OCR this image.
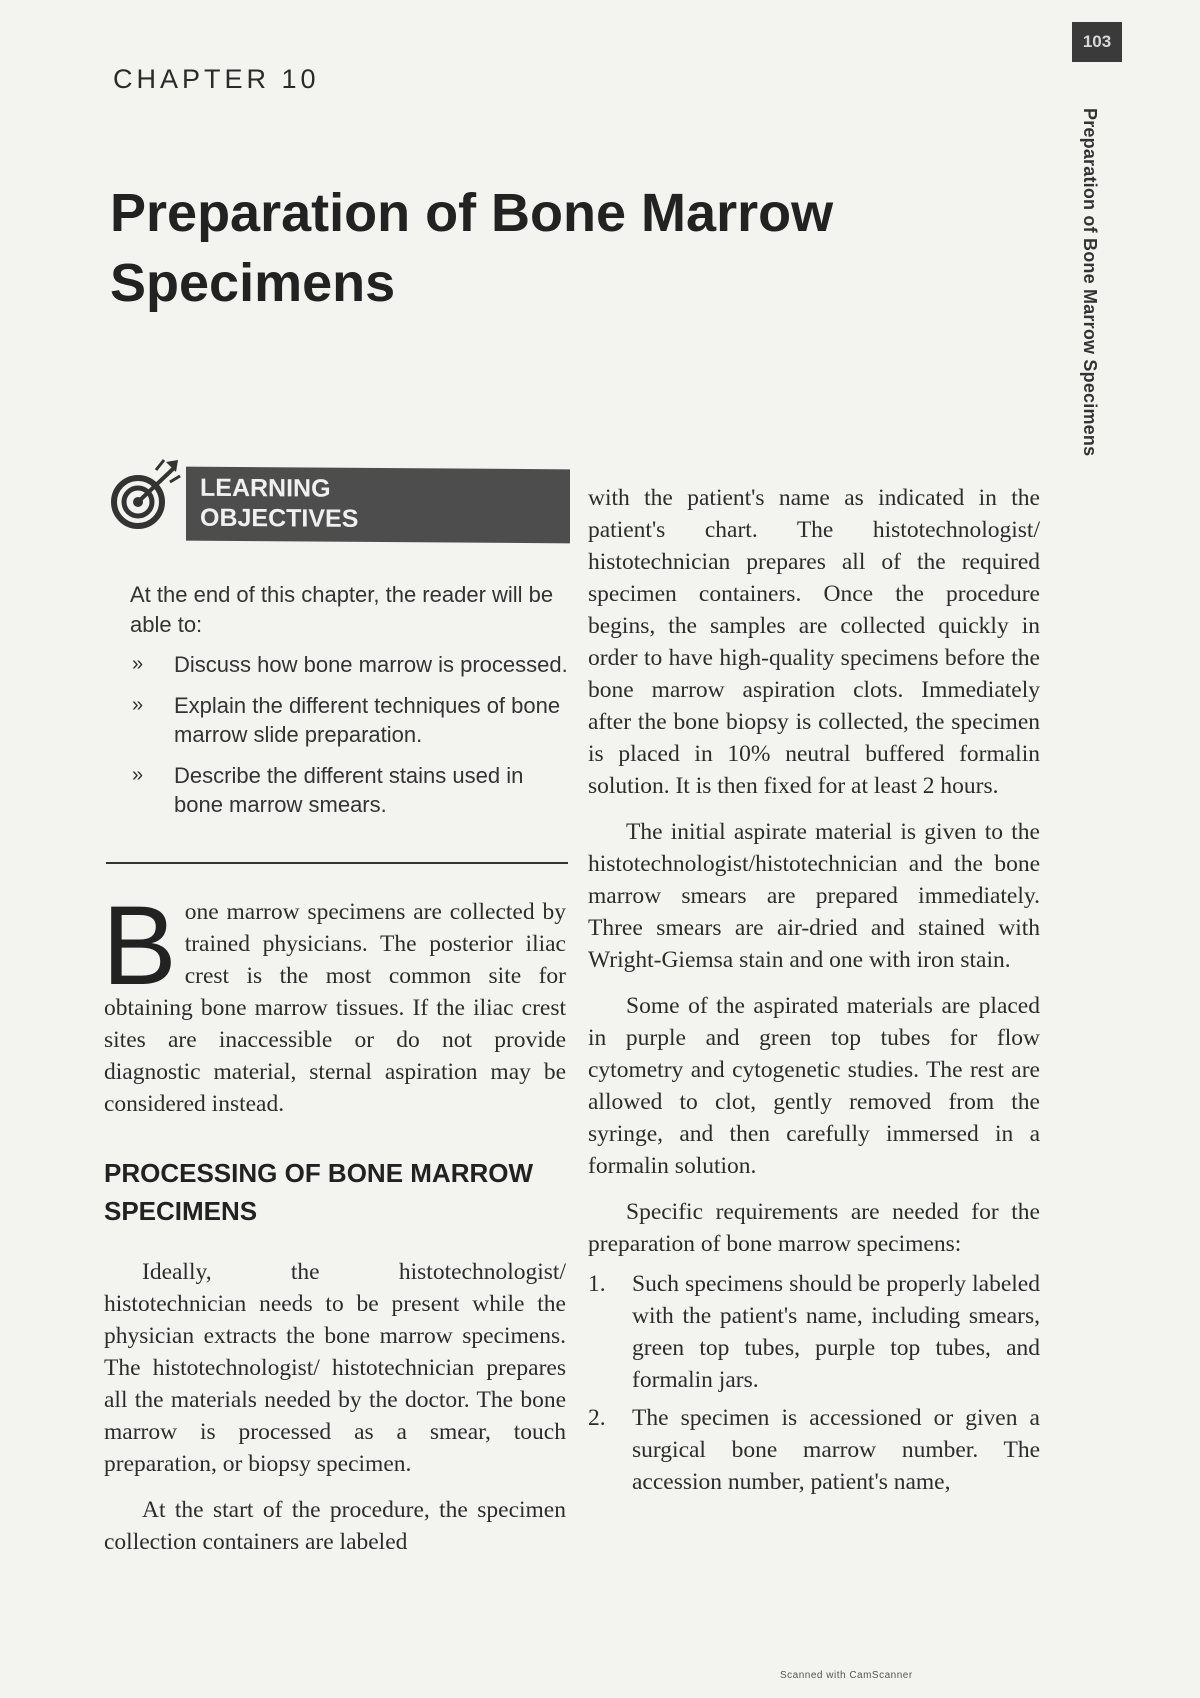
103
Preparation of Bone Marrow Specimens
CHAPTER 10
Preparation of Bone Marrow Specimens
LEARNING
OBJECTIVES
At the end of this chapter, the reader will be able to:
» Discuss how bone marrow is processed.
» Explain the different techniques of bone marrow slide preparation.
» Describe the different stains used in bone marrow smears.

Bone marrow specimens are collected by trained physicians. The posterior iliac crest is the most common site for obtaining bone marrow tissues. If the iliac crest sites are inaccessible or do not provide diagnostic material, sternal aspiration may be considered instead.

PROCESSING OF BONE MARROW SPECIMENS

Ideally, the histotechnologist/ histotechnician needs to be present while the physician extracts the bone marrow specimens. The histotechnologist/ histotechnician prepares all the materials needed by the doctor. The bone marrow is processed as a smear, touch preparation, or biopsy specimen.

At the start of the procedure, the specimen collection containers are labeled

with the patient's name as indicated in the patient's chart. The histotechnologist/ histotechnician prepares all of the required specimen containers. Once the procedure begins, the samples are collected quickly in order to have high-quality specimens before the bone marrow aspiration clots. Immediately after the bone biopsy is collected, the specimen is placed in 10% neutral buffered formalin solution. It is then fixed for at least 2 hours.

The initial aspirate material is given to the histotechnologist/histotechnician and the bone marrow smears are prepared immediately. Three smears are air-dried and stained with Wright-Giemsa stain and one with iron stain.

Some of the aspirated materials are placed in purple and green top tubes for flow cytometry and cytogenetic studies. The rest are allowed to clot, gently removed from the syringe, and then carefully immersed in a formalin solution.

Specific requirements are needed for the preparation of bone marrow specimens:

1. Such specimens should be properly labeled with the patient's name, including smears, green top tubes, purple top tubes, and formalin jars.
2. The specimen is accessioned or given a surgical bone marrow number. The accession number, patient's name,
Scanned with CamScanner
